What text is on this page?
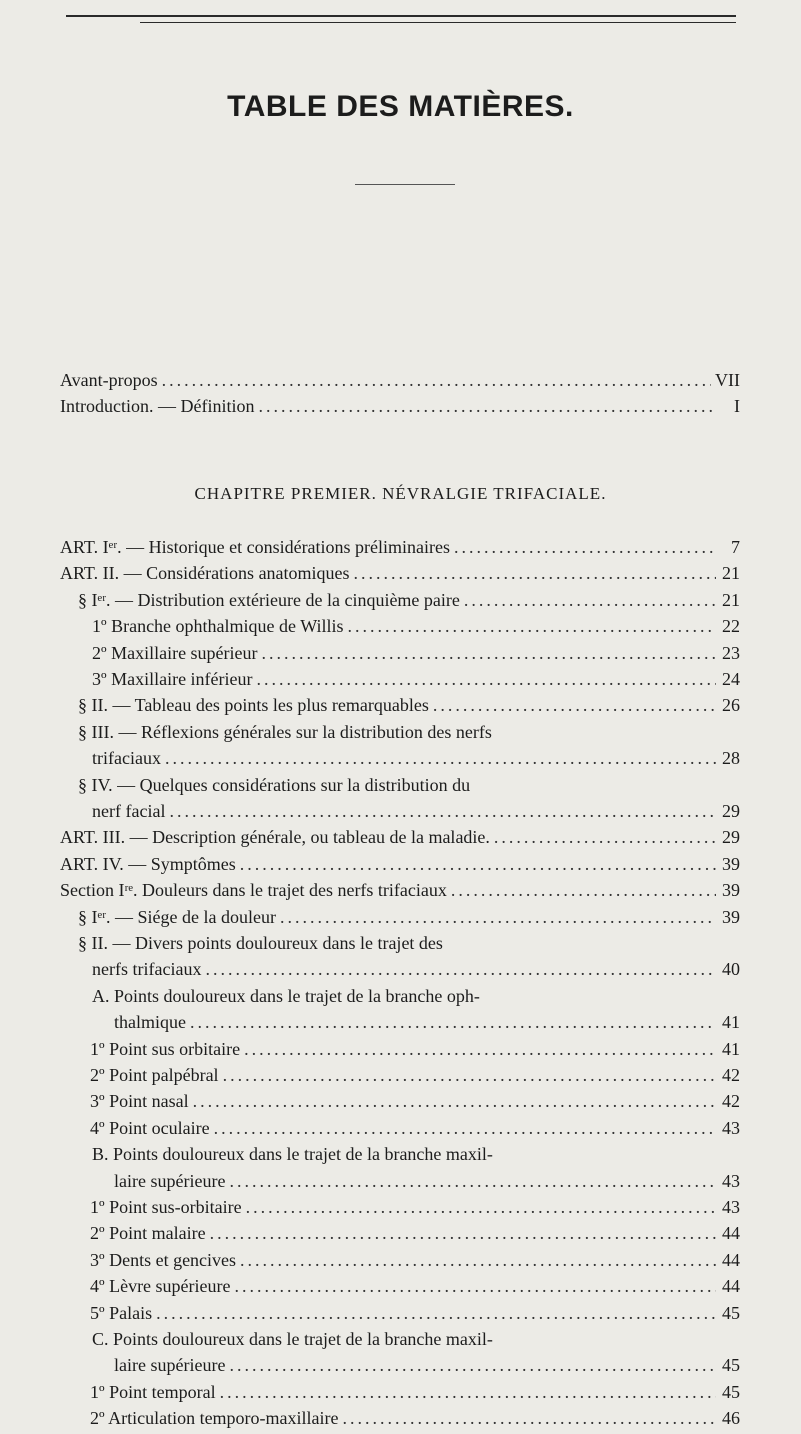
TABLE DES MATIÈRES.
Avant-propos .....	VII
Introduction. — Définition .....	I
CHAPITRE PREMIER. NÉVRALGIE TRIFACIALE.
ART. Iᵉʳ. — Historique et considérations préliminaires .....	7
ART. II. — Considérations anatomiques .....	21
§ Iᵉʳ. — Distribution extérieure de la cinquième paire .....	21
1º Branche ophthalmique de Willis .....	22
2º Maxillaire supérieur .....	23
3º Maxillaire inférieur .....	24
§ II. — Tableau des points les plus remarquables .....	26
§ III. — Réflexions générales sur la distribution des nerfs
trifaciaux .....	28
§ IV. — Quelques considérations sur la distribution du
nerf facial .....	29
ART. III. — Description générale, ou tableau de la maladie. .....	29
ART. IV. — Symptômes .....	39
Section Iʳᵉ. Douleurs dans le trajet des nerfs trifaciaux .....	39
§ Iᵉʳ. — Siége de la douleur .....	39
§ II. — Divers points douloureux dans le trajet des
nerfs trifaciaux .....	40
A. Points douloureux dans le trajet de la branche oph-
thalmique .....	41
1º Point sus orbitaire .....	41
2º Point palpébral .....	42
3º Point nasal .....	42
4º Point oculaire .....	43
B. Points douloureux dans le trajet de la branche maxil-
laire supérieure .....	43
1º Point sus-orbitaire .....	43
2º Point malaire .....	44
3º Dents et gencives .....	44
4º Lèvre supérieure .....	44
5º Palais .....	45
C. Points douloureux dans le trajet de la branche maxil-
laire supérieure .....	45
1º Point temporal .....	45
2º Articulation temporo-maxillaire .....	46
